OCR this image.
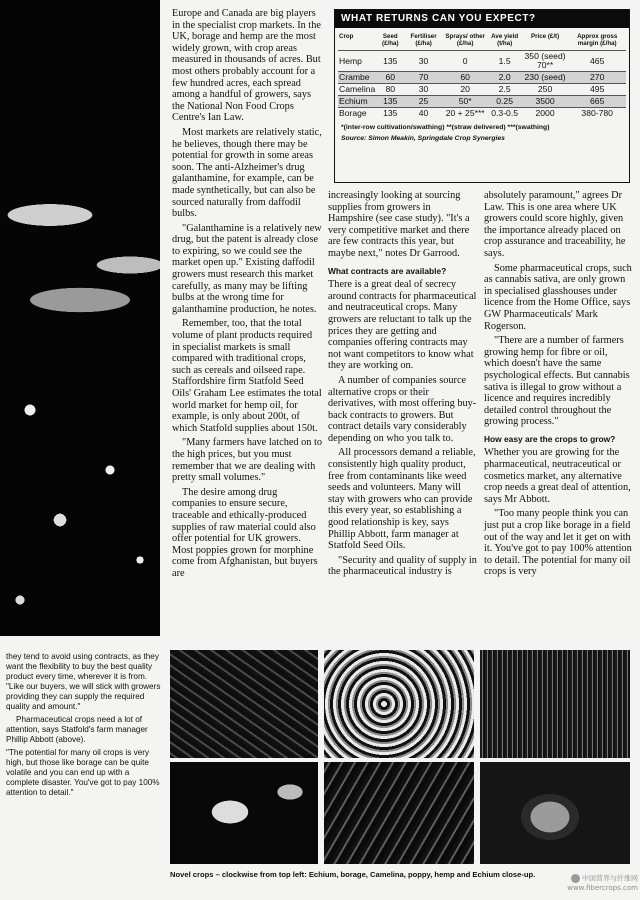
Europe and Canada are big players in the specialist crop markets. In the UK, borage and hemp are the most widely grown, with crop areas measured in thousands of acres. But most others probably account for a few hundred acres, each spread among a handful of growers, says the National Non Food Crops Centre's Ian Law.

Most markets are relatively static, he believes, though there may be potential for growth in some areas soon. The anti-Alzheimer's drug galanthamine, for example, can be made synthetically, but can also be sourced naturally from daffodil bulbs.

"Galanthamine is a relatively new drug, but the patent is already close to expiring, so we could see the market open up." Existing daffodil growers must research this market carefully, as many may be lifting bulbs at the wrong time for galanthamine production, he notes.

Remember, too, that the total volume of plant products required in specialist markets is small compared with traditional crops, such as cereals and oilseed rape. Staffordshire firm Statfold Seed Oils' Graham Lee estimates the total world market for hemp oil, for example, is only about 200t, of which Statfold supplies about 150t.

"Many farmers have latched on to the high prices, but you must remember that we are dealing with pretty small volumes."

The desire among drug companies to ensure secure, traceable and ethically-produced supplies of raw material could also offer potential for UK growers. Most poppies grown for morphine come from Afghanistan, but buyers are

WHAT RETURNS CAN YOU EXPECT?
Crop	Seed (£/ha)	Fertiliser (£/ha)	Sprays/ other (£/ha)	Ave yield (t/ha)	Price (£/t)	Approx gross margin (£/ha)
Hemp	135	30	0	1.5	350 (seed) 70**	465
Crambe	60	70	60	2.0	230 (seed)	270
Camelina	80	30	20	2.5	250	495
Echium	135	25	50*	0.25	3500	665
Borage	135	40	20 + 25***	0.3-0.5	2000	380-780
*(inter-row cultivation/swathing) **(straw delivered) ***(swathing)
Source: Simon Meakin, Springdale Crop Synergies

increasingly looking at sourcing supplies from growers in Hampshire (see case study). "It's a very competitive market and there are few contracts this year, but maybe next," notes Dr Garrood.

What contracts are available?

There is a great deal of secrecy around contracts for pharmaceutical and neutraceutical crops. Many growers are reluctant to talk up the prices they are getting and companies offering contracts may not want competitors to know what they are working on.

A number of companies source alternative crops or their derivatives, with most offering buy-back contracts to growers. But contract details vary considerably depending on who you talk to.

All processors demand a reliable, consistently high quality product, free from contaminants like weed seeds and volunteers. Many will stay with growers who can provide this every year, so establishing a good relationship is key, says Phillip Abbott, farm manager at Statfold Seed Oils.

"Security and quality of supply in the pharmaceutical industry is

absolutely paramount," agrees Dr Law. This is one area where UK growers could score highly, given the importance already placed on crop assurance and traceability, he says.

Some pharmaceutical crops, such as cannabis sativa, are only grown in specialised glasshouses under licence from the Home Office, says GW Pharmaceuticals' Mark Rogerson.

"There are a number of farmers growing hemp for fibre or oil, which doesn't have the same psychological effects. But cannabis sativa is illegal to grow without a licence and requires incredibly detailed control throughout the growing process."

How easy are the crops to grow?

Whether you are growing for the pharmaceutical, neutraceutical or cosmetics market, any alternative crop needs a great deal of attention, says Mr Abbott.

"Too many people think you can just put a crop like borage in a field out of the way and let it get on with it. You've got to pay 100% attention to detail. The potential for many oil crops is very

they tend to avoid using contracts, as they want the flexibility to buy the best quality product every time, wherever it is from. "Like our buyers, we will stick with growers providing they can supply the required quality and amount."

Pharmaceutical crops need a lot of attention, says Statfold's farm manager Phillip Abbott (above).

"The potential for many oil crops is very high, but those like borage can be quite volatile and you can end up with a complete disaster. You've got to pay 100% attention to detail."

Novel crops – clockwise from top left: Echium, borage, Camelina, poppy, hemp and Echium close-up.	中国营养与纤维网
www.fibercrops.com
